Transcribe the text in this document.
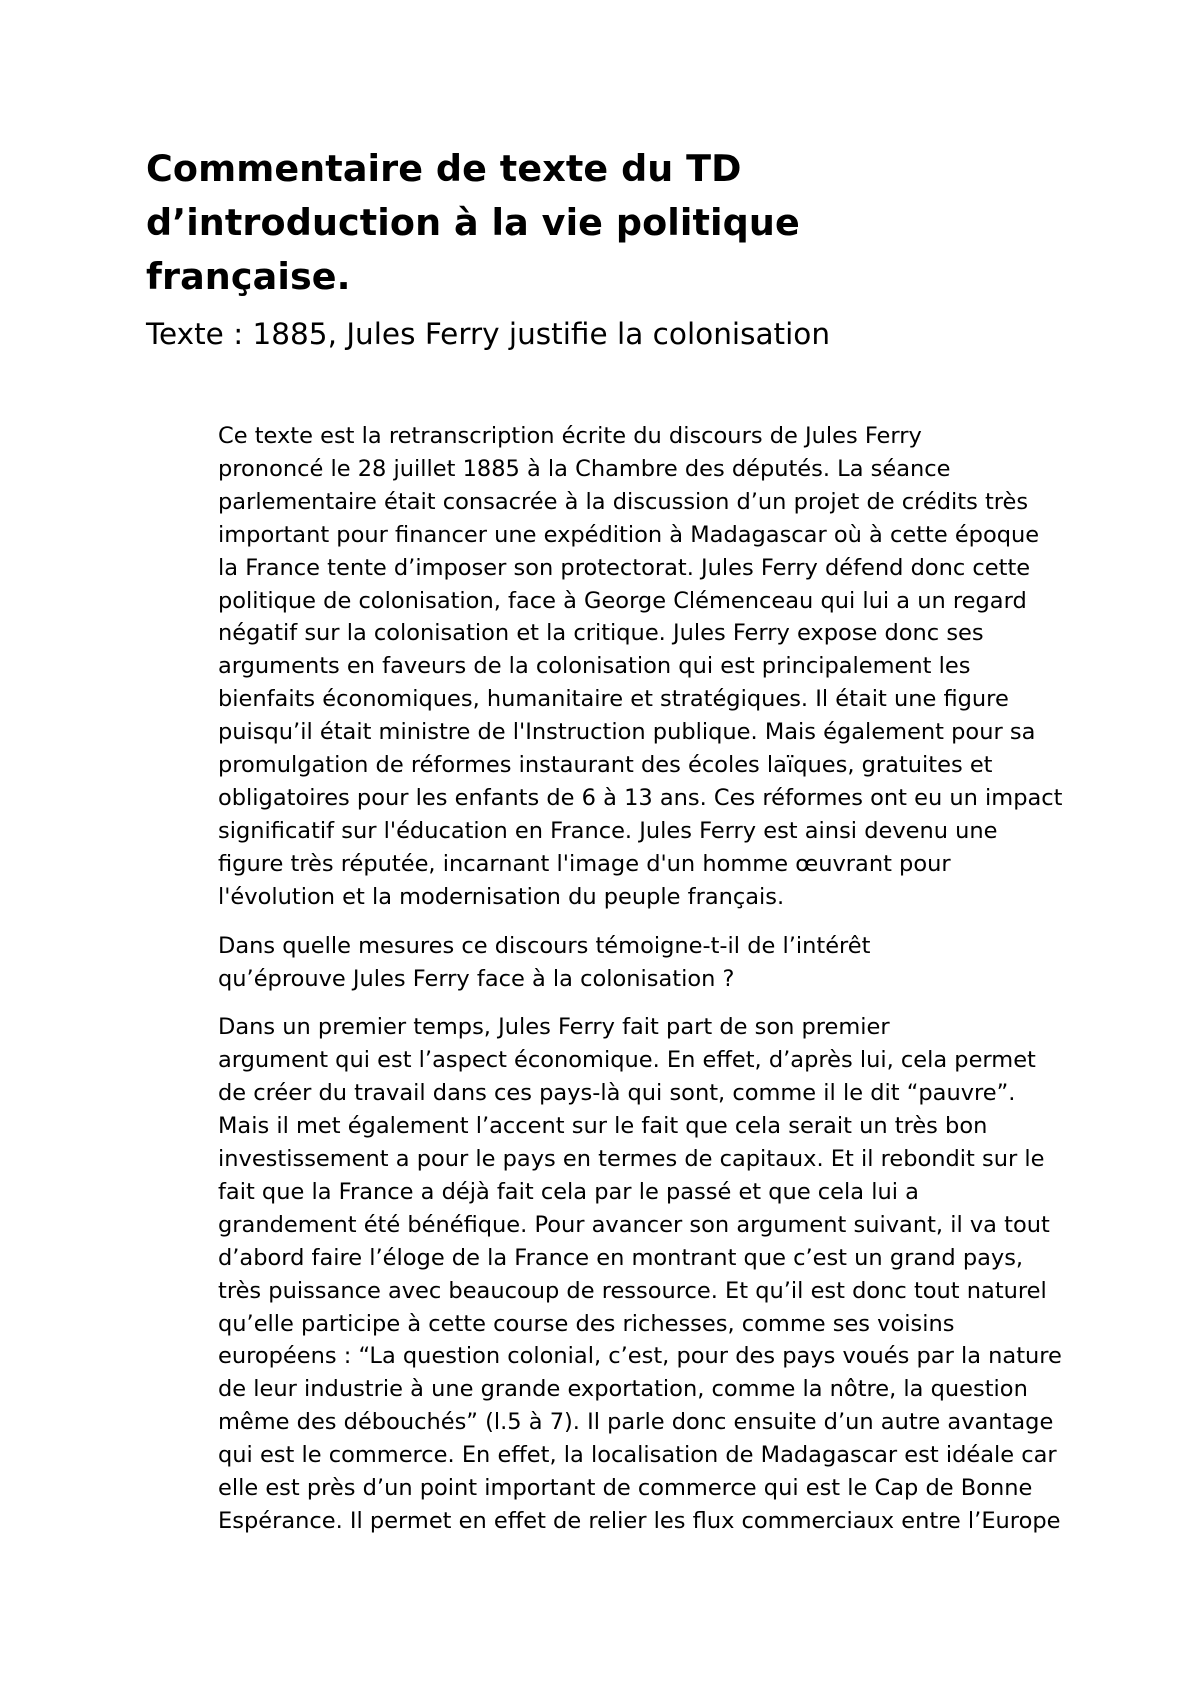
Commentaire de texte du TD
d’introduction à la vie politique
française.
Texte : 1885, Jules Ferry justifie la colonisation

Ce texte est la retranscription écrite du discours de Jules Ferry
prononcé le 28 juillet 1885 à la Chambre des députés. La séance
parlementaire était consacrée à la discussion d’un projet de crédits très
important pour financer une expédition à Madagascar où à cette époque
la France tente d’imposer son protectorat. Jules Ferry défend donc cette
politique de colonisation, face à George Clémenceau qui lui a un regard
négatif sur la colonisation et la critique. Jules Ferry expose donc ses
arguments en faveurs de la colonisation qui est principalement les
bienfaits économiques, humanitaire et stratégiques. Il était une figure
puisqu’il était ministre de l'Instruction publique. Mais également pour sa
promulgation de réformes instaurant des écoles laïques, gratuites et
obligatoires pour les enfants de 6 à 13 ans. Ces réformes ont eu un impact
significatif sur l'éducation en France. Jules Ferry est ainsi devenu une
figure très réputée, incarnant l'image d'un homme œuvrant pour
l'évolution et la modernisation du peuple français.

Dans quelle mesures ce discours témoigne-t-il de l’intérêt
qu’éprouve Jules Ferry face à la colonisation ?

Dans un premier temps, Jules Ferry fait part de son premier
argument qui est l’aspect économique. En effet, d’après lui, cela permet
de créer du travail dans ces pays-là qui sont, comme il le dit “pauvre”.
Mais il met également l’accent sur le fait que cela serait un très bon
investissement a pour le pays en termes de capitaux. Et il rebondit sur le
fait que la France a déjà fait cela par le passé et que cela lui a
grandement été bénéfique. Pour avancer son argument suivant, il va tout
d’abord faire l’éloge de la France en montrant que c’est un grand pays,
très puissance avec beaucoup de ressource. Et qu’il est donc tout naturel
qu’elle participe à cette course des richesses, comme ses voisins
européens : “La question colonial, c’est, pour des pays voués par la nature
de leur industrie à une grande exportation, comme la nôtre, la question
même des débouchés” (l.5 à 7). Il parle donc ensuite d’un autre avantage
qui est le commerce. En effet, la localisation de Madagascar est idéale car
elle est près d’un point important de commerce qui est le Cap de Bonne
Espérance. Il permet en effet de relier les flux commerciaux entre l’Europe
